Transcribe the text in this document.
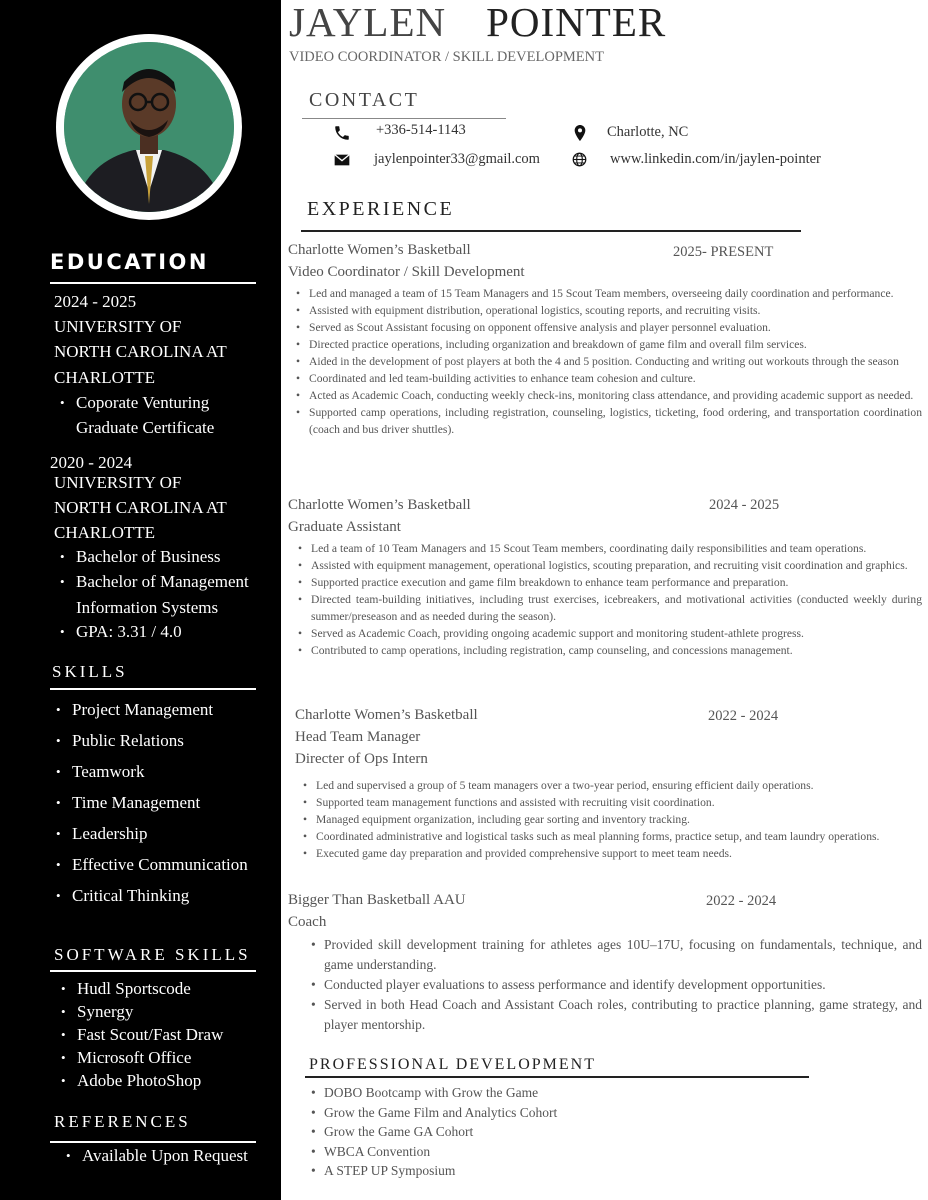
EDUCATION
2024 - 2025
UNIVERSITY OF
NORTH CAROLINA AT
CHARLOTTE
• Coporate Venturing
Graduate Certificate
2020 - 2024
UNIVERSITY OF
NORTH CAROLINA AT
CHARLOTTE
• Bachelor of Business
• Bachelor of Management
Information Systems
• GPA: 3.31 / 4.0
SKILLS
• Project Management
• Public Relations
• Teamwork
• Time Management
• Leadership
• Effective Communication
• Critical Thinking
SOFTWARE SKILLS
• Hudl Sportscode
• Synergy
• Fast Scout/Fast Draw
• Microsoft Office
• Adobe PhotoShop
REFERENCES
• Available Upon Request
JAYLEN POINTER
VIDEO COORDINATOR / SKILL DEVELOPMENT
CONTACT
+336-514-1143	Charlotte, NC
jaylenpointer33@gmail.com	www.linkedin.com/in/jaylen-pointer
EXPERIENCE
Charlotte Women’s Basketball	2025- PRESENT
Video Coordinator / Skill Development
• Led and managed a team of 15 Team Managers and 15 Scout Team members, overseeing daily coordination and performance.
• Assisted with equipment distribution, operational logistics, scouting reports, and recruiting visits.
• Served as Scout Assistant focusing on opponent offensive analysis and player personnel evaluation.
• Directed practice operations, including organization and breakdown of game film and overall film services.
• Aided in the development of post players at both the 4 and 5 position. Conducting and writing out workouts through the season
• Coordinated and led team-building activities to enhance team cohesion and culture.
• Acted as Academic Coach, conducting weekly check-ins, monitoring class attendance, and providing academic support as needed.
• Supported camp operations, including registration, counseling, logistics, ticketing, food ordering, and transportation coordination (coach and bus driver shuttles).
Charlotte Women’s Basketball	2024 - 2025
Graduate Assistant
• Led a team of 10 Team Managers and 15 Scout Team members, coordinating daily responsibilities and team operations.
• Assisted with equipment management, operational logistics, scouting preparation, and recruiting visit coordination and graphics.
• Supported practice execution and game film breakdown to enhance team performance and preparation.
• Directed team-building initiatives, including trust exercises, icebreakers, and motivational activities (conducted weekly during summer/preseason and as needed during the season).
• Served as Academic Coach, providing ongoing academic support and monitoring student-athlete progress.
• Contributed to camp operations, including registration, camp counseling, and concessions management.
Charlotte Women’s Basketball	2022 - 2024
Head Team Manager
Directer of Ops Intern
• Led and supervised a group of 5 team managers over a two-year period, ensuring efficient daily operations.
• Supported team management functions and assisted with recruiting visit coordination.
• Managed equipment organization, including gear sorting and inventory tracking.
• Coordinated administrative and logistical tasks such as meal planning forms, practice setup, and team laundry operations.
• Executed game day preparation and provided comprehensive support to meet team needs.
Bigger Than Basketball AAU	2022 - 2024
Coach
• Provided skill development training for athletes ages 10U–17U, focusing on fundamentals, technique, and game understanding.
• Conducted player evaluations to assess performance and identify development opportunities.
• Served in both Head Coach and Assistant Coach roles, contributing to practice planning, game strategy, and player mentorship.
PROFESSIONAL DEVELOPMENT
• DOBO Bootcamp with Grow the Game
• Grow the Game Film and Analytics Cohort
• Grow the Game GA Cohort
• WBCA Convention
• A STEP UP Symposium
